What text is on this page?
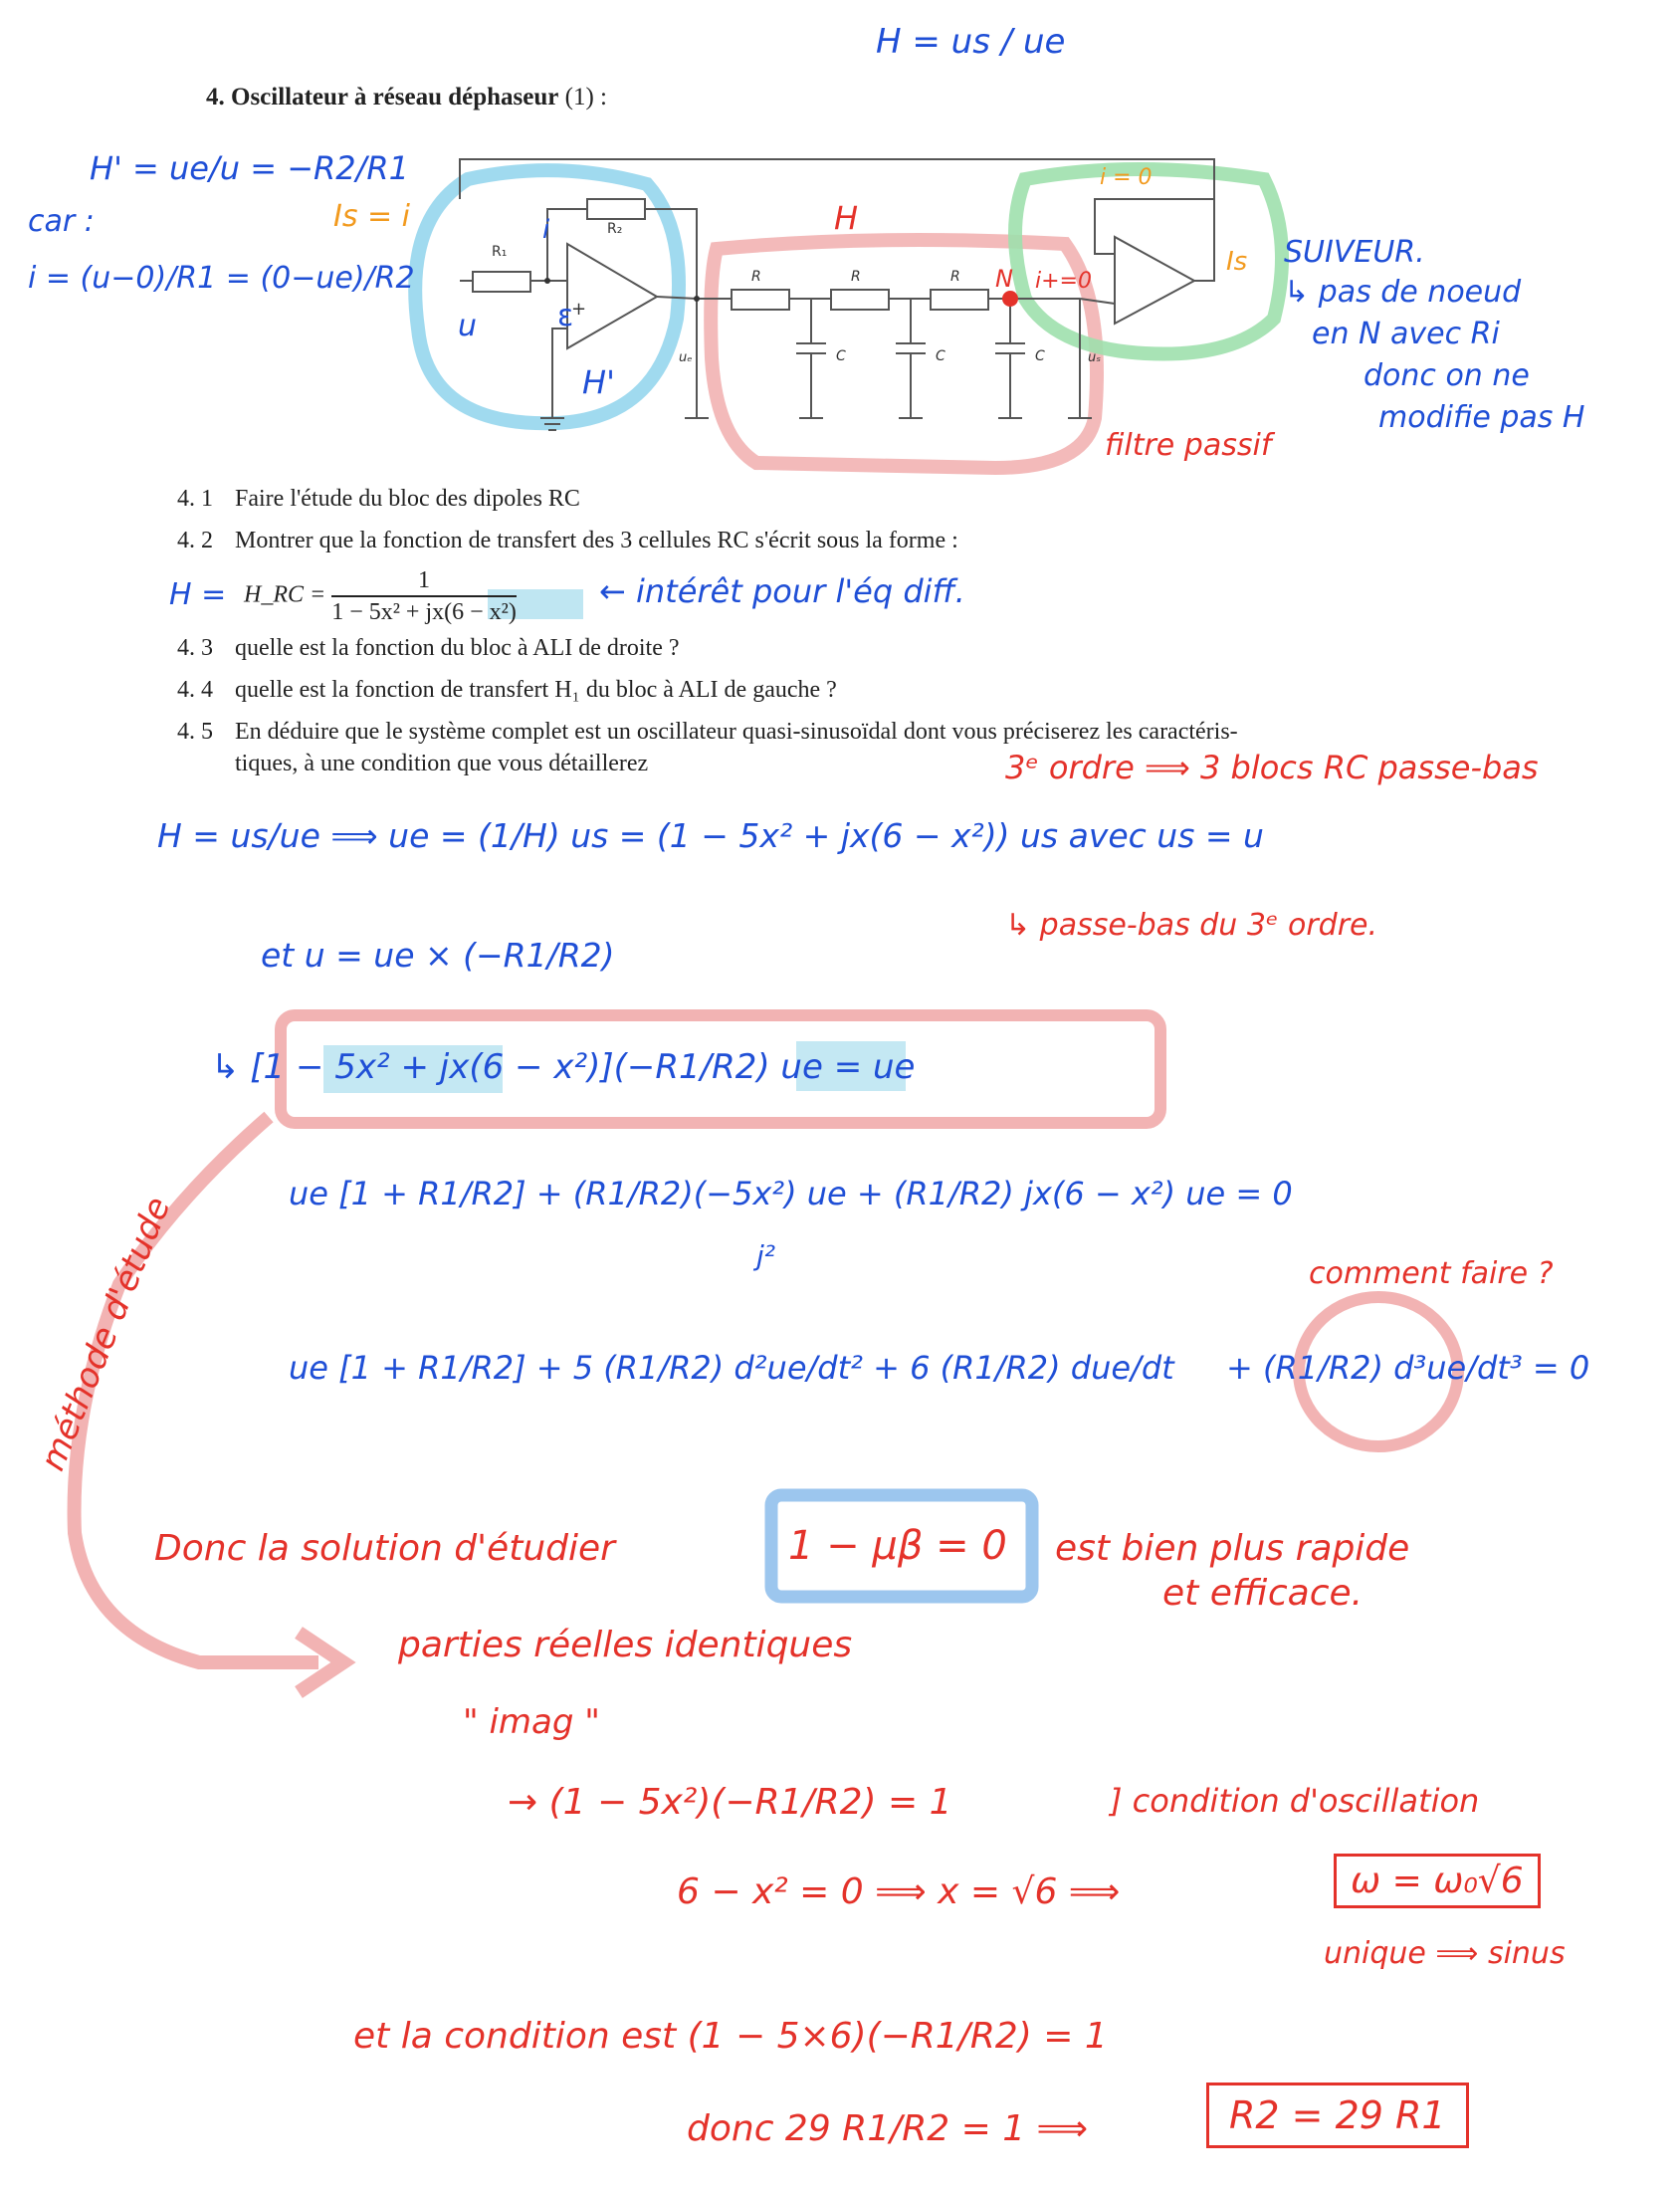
R₁
R₂
R	R	R
C	C	C
+
uₑ	uₛ
4. Oscillateur à réseau déphaseur (1) :
4. 1 Faire l'étude du bloc des dipoles RC
4. 2 Montrer que la fonction de transfert des 3 cellules RC s'écrit sous la forme :
H_RC = $\frac{1}{\text{1 − 5x² + jx(6 − x²)}}$
4. 3 quelle est la fonction du bloc à ALI de droite ?
4. 4 quelle est la fonction de transfert H₁ du bloc à ALI de gauche ?
4. 5 En déduire que le système complet est un oscillateur quasi-sinusoïdal dont vous préciserez les caractéris-
tiques, à une condition que vous détaillerez
H = us / ue
H' = ue/u = −R2/R1
car :
i = (u−0)/R1 = (0−ue)/R2
Is = i
i = 0
Is
H
H'
u
i
ε
N i+=0
SUIVEUR.
↳ pas de noeud
en N avec Ri
donc on ne
modifie pas H
filtre passif
← intérêt pour l'éq diff.
H =
3ᵉ ordre ⟹ 3 blocs RC passe-bas
H = us/ue ⟹ ue = (1/H) us = (1 − 5x² + jx(6 − x²)) us avec us = u
↳ passe-bas du 3ᵉ ordre.
et u = ue × (−R1/R2)
↳ [1 − 5x² + jx(6 − x²)](−R1/R2) ue = ue
ue [1 + R1/R2] + (R1/R2)(−5x²) ue + (R1/R2) jx(6 − x²) ue = 0
j²
comment faire ?
ue [1 + R1/R2] + 5 (R1/R2) d²ue/dt² + 6 (R1/R2) due/dt + (R1/R2) d³ue/dt³ = 0
méthode d'étude
Donc la solution d'étudier	1 − μβ = 0 est bien plus rapide
et efficace.
parties réelles identiques
" imag "
→ (1 − 5x²)(−R1/R2) = 1	] condition d'oscillation
6 − x² = 0 ⟹ x = √6 ⟹	ω = ω₀√6
unique ⟹ sinus
et la condition est (1 − 5×6)(−R1/R2) = 1
donc 29 R1/R2 = 1 ⟹	R2 = 29 R1
